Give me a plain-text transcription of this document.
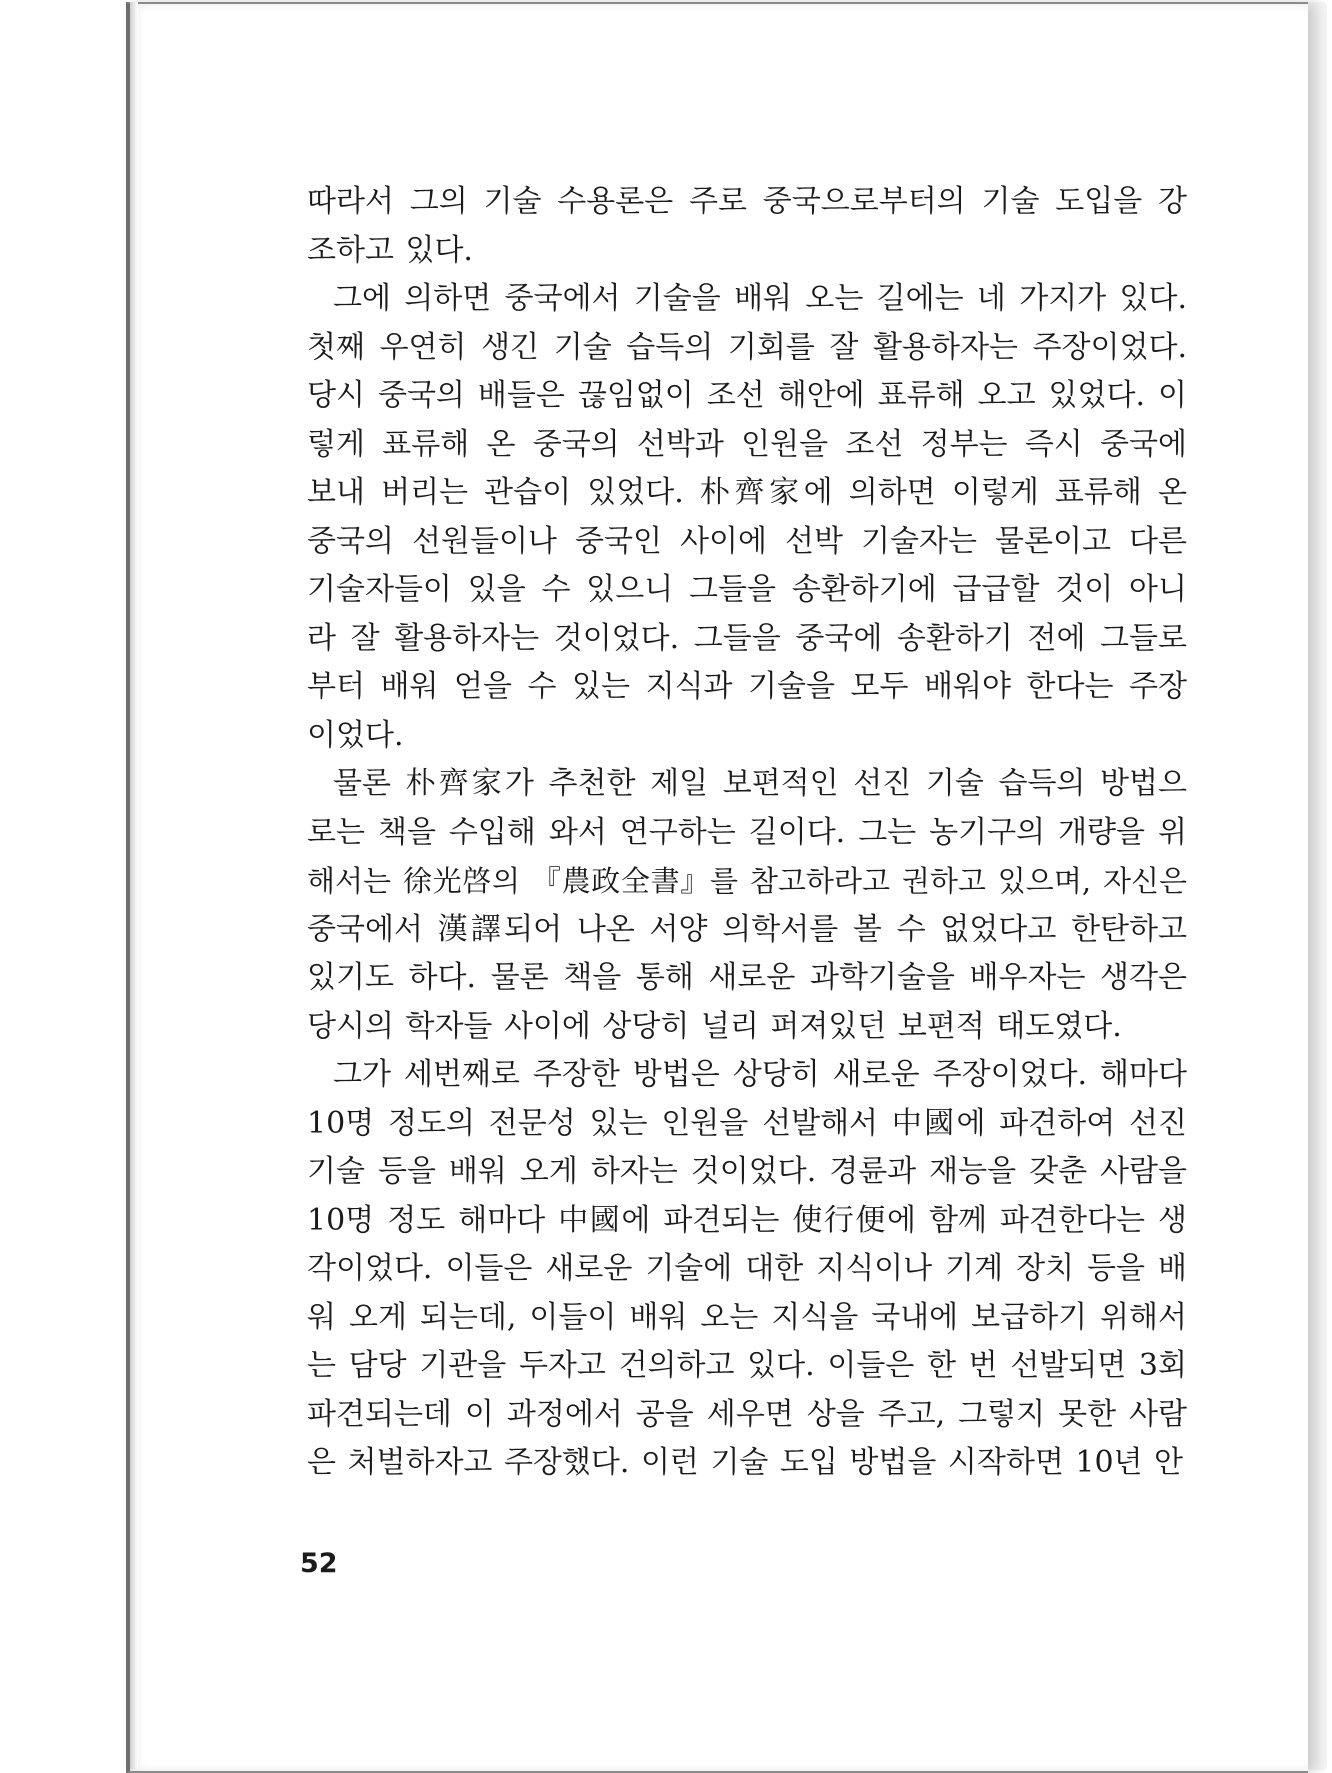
따라서 그의 기술 수용론은 주로 중국으로부터의 기술 도입을 강
조하고 있다.
그에 의하면 중국에서 기술을 배워 오는 길에는 네 가지가 있다.
첫째 우연히 생긴 기술 습득의 기회를 잘 활용하자는 주장이었다.
당시 중국의 배들은 끊임없이 조선 해안에 표류해 오고 있었다. 이
렇게 표류해 온 중국의 선박과 인원을 조선 정부는 즉시 중국에
보내 버리는 관습이 있었다. 朴齊家에 의하면 이렇게 표류해 온
중국의 선원들이나 중국인 사이에 선박 기술자는 물론이고 다른
기술자들이 있을 수 있으니 그들을 송환하기에 급급할 것이 아니
라 잘 활용하자는 것이었다. 그들을 중국에 송환하기 전에 그들로
부터 배워 얻을 수 있는 지식과 기술을 모두 배워야 한다는 주장
이었다.
물론 朴齊家가 추천한 제일 보편적인 선진 기술 습득의 방법으
로는 책을 수입해 와서 연구하는 길이다. 그는 농기구의 개량을 위
해서는 徐光啓의 『農政全書』를 참고하라고 권하고 있으며, 자신은
중국에서 漢譯되어 나온 서양 의학서를 볼 수 없었다고 한탄하고
있기도 하다. 물론 책을 통해 새로운 과학기술을 배우자는 생각은
당시의 학자들 사이에 상당히 널리 퍼져있던 보편적 태도였다.
그가 세번째로 주장한 방법은 상당히 새로운 주장이었다. 해마다
10명 정도의 전문성 있는 인원을 선발해서 中國에 파견하여 선진
기술 등을 배워 오게 하자는 것이었다. 경륜과 재능을 갖춘 사람을
10명 정도 해마다 中國에 파견되는 使行便에 함께 파견한다는 생
각이었다. 이들은 새로운 기술에 대한 지식이나 기계 장치 등을 배
워 오게 되는데, 이들이 배워 오는 지식을 국내에 보급하기 위해서
는 담당 기관을 두자고 건의하고 있다. 이들은 한 번 선발되면 3회
파견되는데 이 과정에서 공을 세우면 상을 주고, 그렇지 못한 사람
은 처벌하자고 주장했다. 이런 기술 도입 방법을 시작하면 10년 안
52
